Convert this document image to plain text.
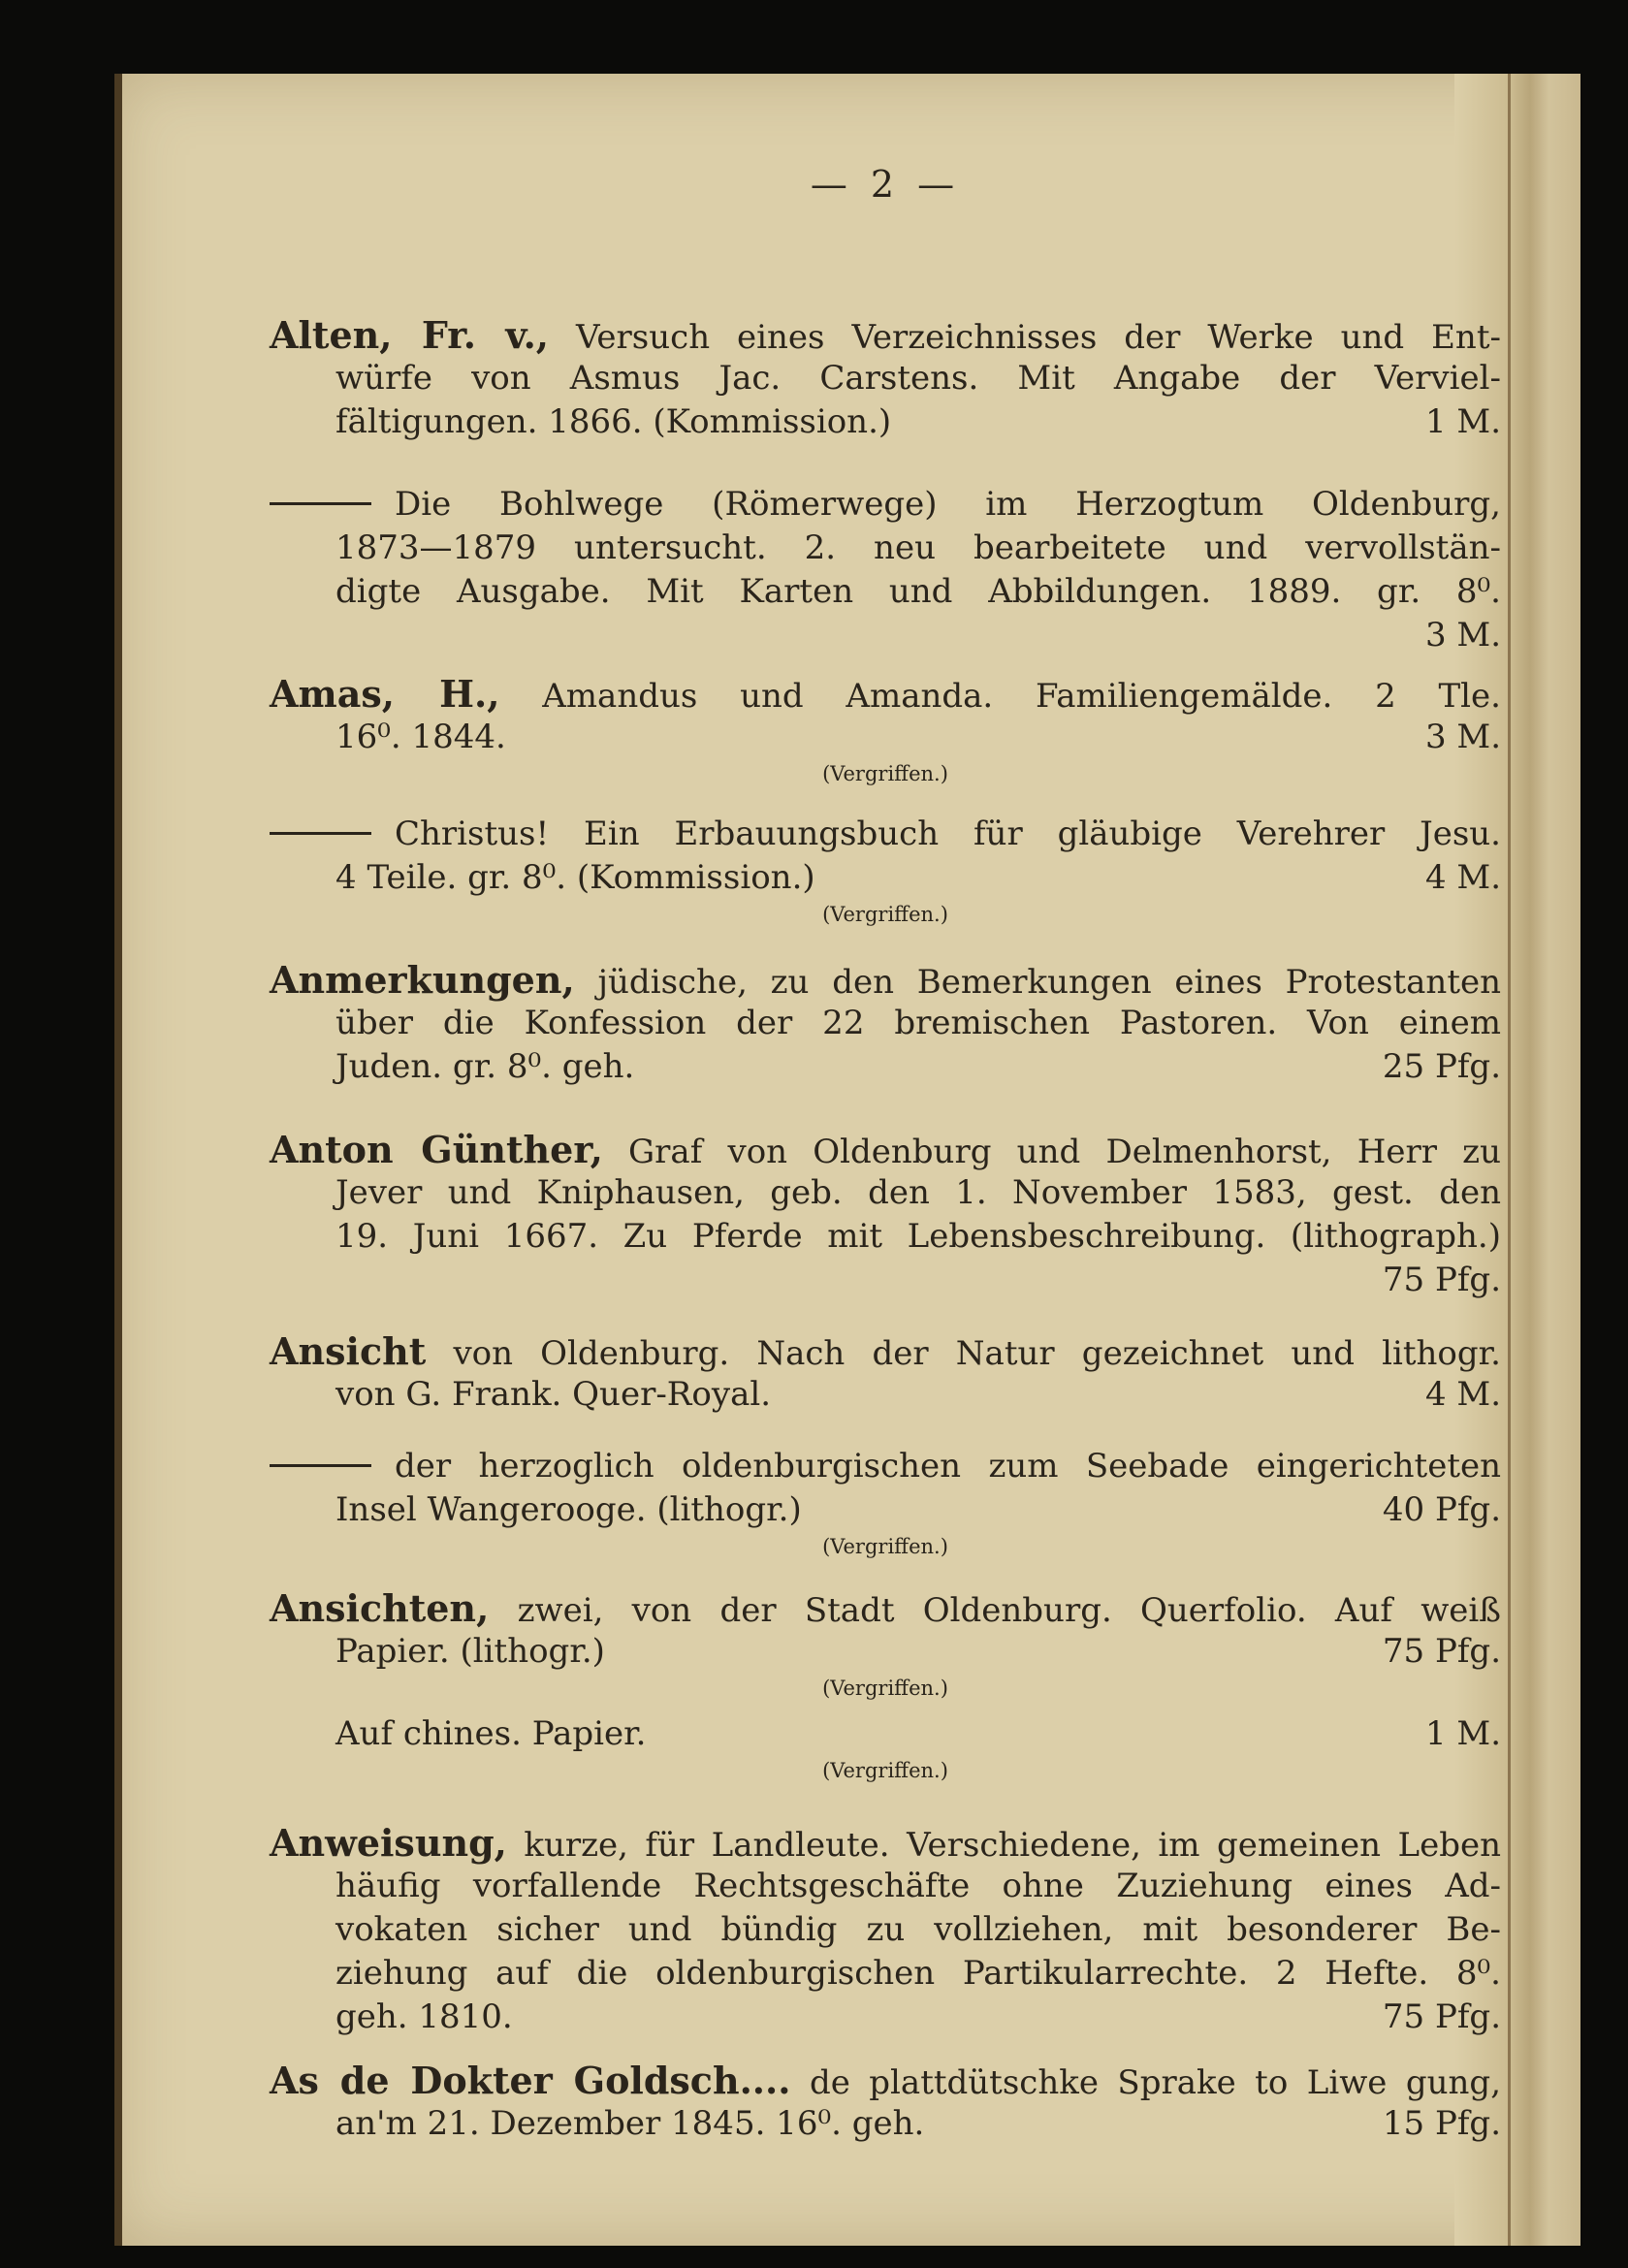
— 2 —
Alten, Fr. v., Versuch eines Verzeichnisses der Werke und Ent-
würfe von Asmus Jac. Carstens. Mit Angabe der Verviel-
fältigungen. 1866. (Kommission.)	1 M.
Die Bohlwege (Römerwege) im Herzogtum Oldenburg,
1873—1879 untersucht. 2. neu bearbeitete und vervollstän-
digte Ausgabe. Mit Karten und Abbildungen. 1889. gr. 8⁰.
3 M.
Amas, H., Amandus und Amanda. Familiengemälde. 2 Tle.
16⁰. 1844.	3 M.
(Vergriffen.)
Christus! Ein Erbauungsbuch für gläubige Verehrer Jesu.
4 Teile. gr. 8⁰. (Kommission.)	4 M.
(Vergriffen.)
Anmerkungen, jüdische, zu den Bemerkungen eines Protestanten
über die Konfession der 22 bremischen Pastoren. Von einem
Juden. gr. 8⁰. geh.	25 Pfg.
Anton Günther, Graf von Oldenburg und Delmenhorst, Herr zu
Jever und Kniphausen, geb. den 1. November 1583, gest. den
19. Juni 1667. Zu Pferde mit Lebensbeschreibung. (lithograph.)
75 Pfg.
Ansicht von Oldenburg. Nach der Natur gezeichnet und lithogr.
von G. Frank. Quer-Royal.	4 M.
der herzoglich oldenburgischen zum Seebade eingerichteten
Insel Wangerooge. (lithogr.)	40 Pfg.
(Vergriffen.)
Ansichten, zwei, von der Stadt Oldenburg. Querfolio. Auf weiß
Papier. (lithogr.)	75 Pfg.
(Vergriffen.)
Auf chines. Papier.	1 M.
(Vergriffen.)
Anweisung, kurze, für Landleute. Verschiedene, im gemeinen Leben
häufig vorfallende Rechtsgeschäfte ohne Zuziehung eines Ad-
vokaten sicher und bündig zu vollziehen, mit besonderer Be-
ziehung auf die oldenburgischen Partikularrechte. 2 Hefte. 8⁰.
geh. 1810.	75 Pfg.
As de Dokter Goldsch.... de plattdütschke Sprake to Liwe gung,
an'm 21. Dezember 1845. 16⁰. geh.	15 Pfg.
